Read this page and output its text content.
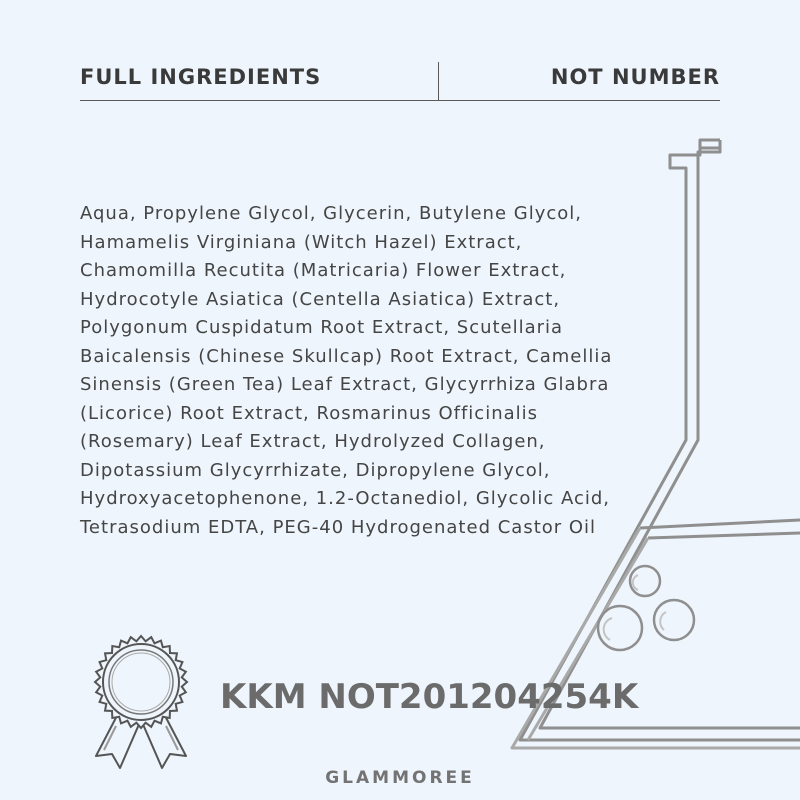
FULL INGREDIENTS	NOT NUMBER

Aqua, Propylene Glycol, Glycerin, Butylene Glycol,
Hamamelis Virginiana (Witch Hazel) Extract,
Chamomilla Recutita (Matricaria) Flower Extract,
Hydrocotyle Asiatica (Centella Asiatica) Extract,
Polygonum Cuspidatum Root Extract, Scutellaria
Baicalensis (Chinese Skullcap) Root Extract, Camellia
Sinensis (Green Tea) Leaf Extract, Glycyrrhiza Glabra
(Licorice) Root Extract, Rosmarinus Officinalis
(Rosemary) Leaf Extract, Hydrolyzed Collagen,
Dipotassium Glycyrrhizate, Dipropylene Glycol,
Hydroxyacetophenone, 1.2-Octanediol, Glycolic Acid,
Tetrasodium EDTA, PEG-40 Hydrogenated Castor Oil

KKM NOT201204254K
GLAMMOREE
